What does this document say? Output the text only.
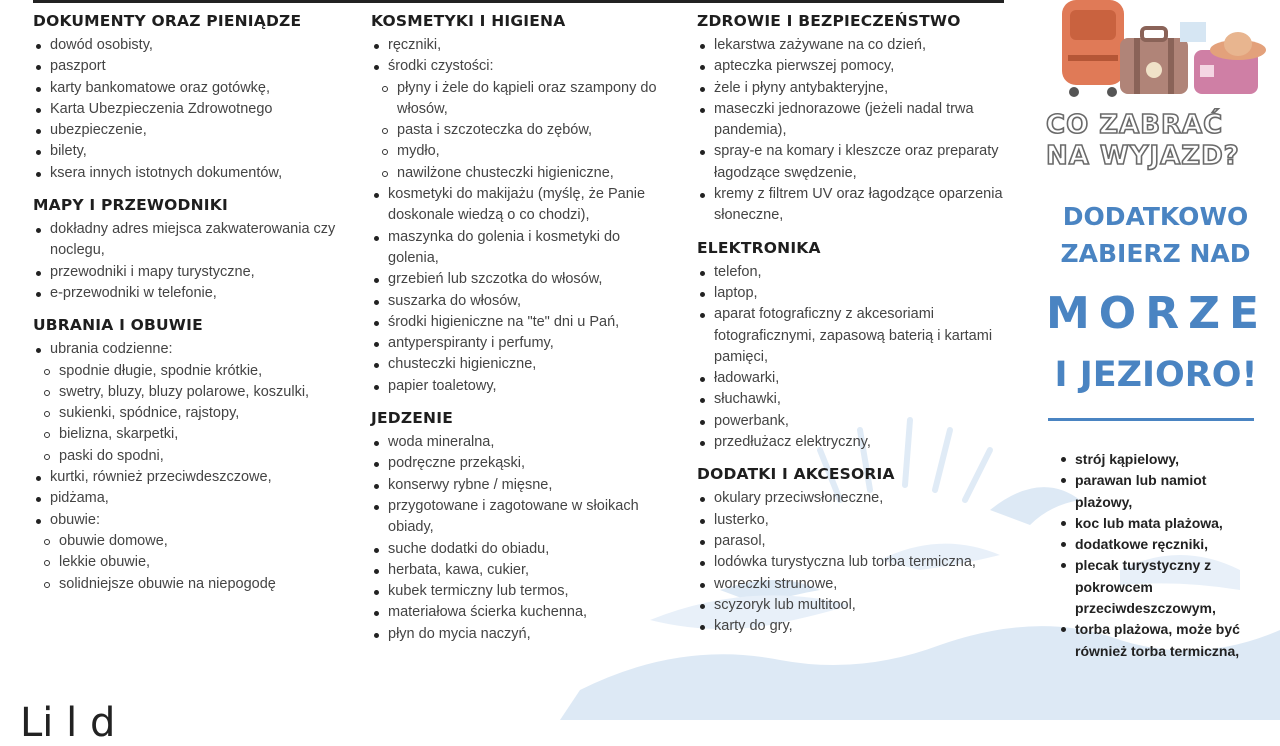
DOKUMENTY ORAZ PIENIĄDZE
dowód osobisty,
paszport
karty bankomatowe oraz gotówkę,
Karta Ubezpieczenia Zdrowotnego
ubezpieczenie,
bilety,
ksera innych istotnych dokumentów,
MAPY I PRZEWODNIKI
dokładny adres miejsca zakwaterowania czy noclegu,
przewodniki i mapy turystyczne,
e-przewodniki w telefonie,
UBRANIA I OBUWIE
ubrania codzienne:
spodnie długie, spodnie krótkie,
swetry, bluzy, bluzy polarowe, koszulki,
sukienki, spódnice, rajstopy,
bielizna, skarpetki,
paski do spodni,
kurtki, również przeciwdeszczowe,
pidżama,
obuwie:
obuwie domowe,
lekkie obuwie,
solidniejsze obuwie na niepogodę
KOSMETYKI I HIGIENA
ręczniki,
środki czystości:
płyny i żele do kąpieli oraz szampony do włosów,
pasta i szczoteczka do zębów,
mydło,
nawilżone chusteczki higieniczne,
kosmetyki do makijażu (myślę, że Panie doskonale wiedzą o co chodzi),
maszynka do golenia i kosmetyki do golenia,
grzebień lub szczotka do włosów,
suszarka do włosów,
środki higieniczne na "te" dni u Pań,
antyperspiranty i perfumy,
chusteczki higieniczne,
papier toaletowy,
JEDZENIE
woda mineralna,
podręczne przekąski,
konserwy rybne / mięsne,
przygotowane i zagotowane w słoikach obiady,
suche dodatki do obiadu,
herbata, kawa, cukier,
kubek termiczny lub termos,
materiałowa ścierka kuchenna,
płyn do mycia naczyń,
ZDROWIE I BEZPIECZEŃSTWO
lekarstwa zażywane na co dzień,
apteczka pierwszej pomocy,
żele i płyny antybakteryjne,
maseczki jednorazowe (jeżeli nadal trwa pandemia),
spray-e na komary i kleszcze oraz preparaty łagodzące swędzenie,
kremy z filtrem UV oraz łagodzące oparzenia słoneczne,
ELEKTRONIKA
telefon,
laptop,
aparat fotograficzny z akcesoriami fotograficznymi, zapasową baterią i kartami pamięci,
ładowarki,
słuchawki,
powerbank,
przedłużacz elektryczny,
DODATKI I AKCESORIA
okulary przeciwsłoneczne,
lusterko,
parasol,
lodówka turystyczna lub torba termiczna,
woreczki strunowe,
scyzoryk lub multitool,
karty do gry,
CO ZABRAĆ NA WYJAZD?
DODATKOWO
ZABIERZ NAD
MORZE
I JEZIORO!
strój kąpielowy,
parawan lub namiot plażowy,
koc lub mata plażowa,
dodatkowe ręczniki,
plecak turystyczny z pokrowcem przeciwdeszczowym,
torba plażowa, może być również torba termiczna,
Li l d
